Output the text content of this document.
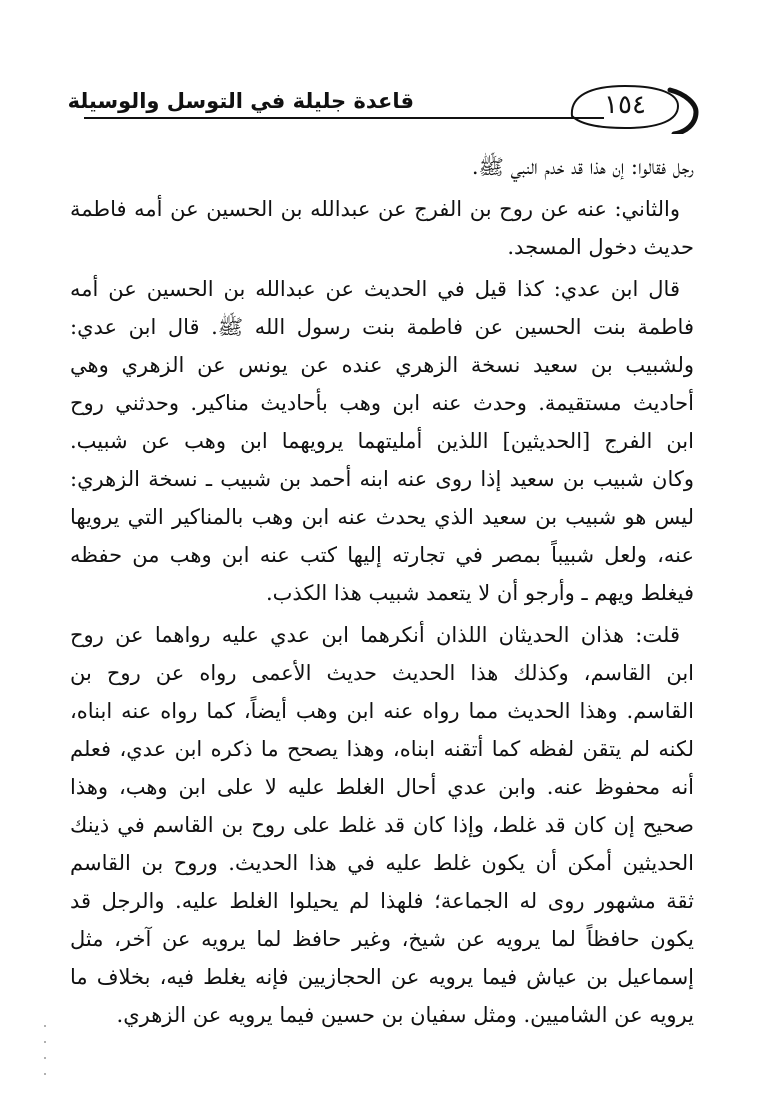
قاعدة جليلة في التوسل والوسيلة	١٥٤
رجل فقالوا: إن هذا قد خدم النبي ﷺ.
والثاني: عنه عن روح بن الفرج عن عبدالله بن الحسين عن أمه فاطمة
حديث دخول المسجد.
قال ابن عدي: كذا قيل في الحديث عن عبدالله بن الحسين عن أمه
فاطمة بنت الحسين عن فاطمة بنت رسول الله ﷺ. قال ابن عدي:
ولشبيب بن سعيد نسخة الزهري عنده عن يونس عن الزهري وهي
أحاديث مستقيمة. وحدث عنه ابن وهب بأحاديث مناكير. وحدثني روح
ابن الفرج [الحديثين] اللذين أمليتهما يرويهما ابن وهب عن شبيب.
وكان شبيب بن سعيد إذا روى عنه ابنه أحمد بن شبيب ـ نسخة الزهري:
ليس هو شبيب بن سعيد الذي يحدث عنه ابن وهب بالمناكير التي يرويها
عنه، ولعل شبيباً بمصر في تجارته إليها كتب عنه ابن وهب من حفظه
فيغلط ويهم ـ وأرجو أن لا يتعمد شبيب هذا الكذب.
قلت: هذان الحديثان اللذان أنكرهما ابن عدي عليه رواهما عن روح
ابن القاسم، وكذلك هذا الحديث حديث الأعمى رواه عن روح بن
القاسم. وهذا الحديث مما رواه عنه ابن وهب أيضاً، كما رواه عنه ابناه،
لكنه لم يتقن لفظه كما أتقنه ابناه، وهذا يصحح ما ذكره ابن عدي، فعلم
أنه محفوظ عنه. وابن عدي أحال الغلط عليه لا على ابن وهب، وهذا
صحيح إن كان قد غلط، وإذا كان قد غلط على روح بن القاسم في ذينك
الحديثين أمكن أن يكون غلط عليه في هذا الحديث. وروح بن القاسم
ثقة مشهور روى له الجماعة؛ فلهذا لم يحيلوا الغلط عليه. والرجل قد
يكون حافظاً لما يرويه عن شيخ، وغير حافظ لما يرويه عن آخر، مثل
إسماعيل بن عياش فيما يرويه عن الحجازيين فإنه يغلط فيه، بخلاف ما
يرويه عن الشاميين. ومثل سفيان بن حسين فيما يرويه عن الزهري.
